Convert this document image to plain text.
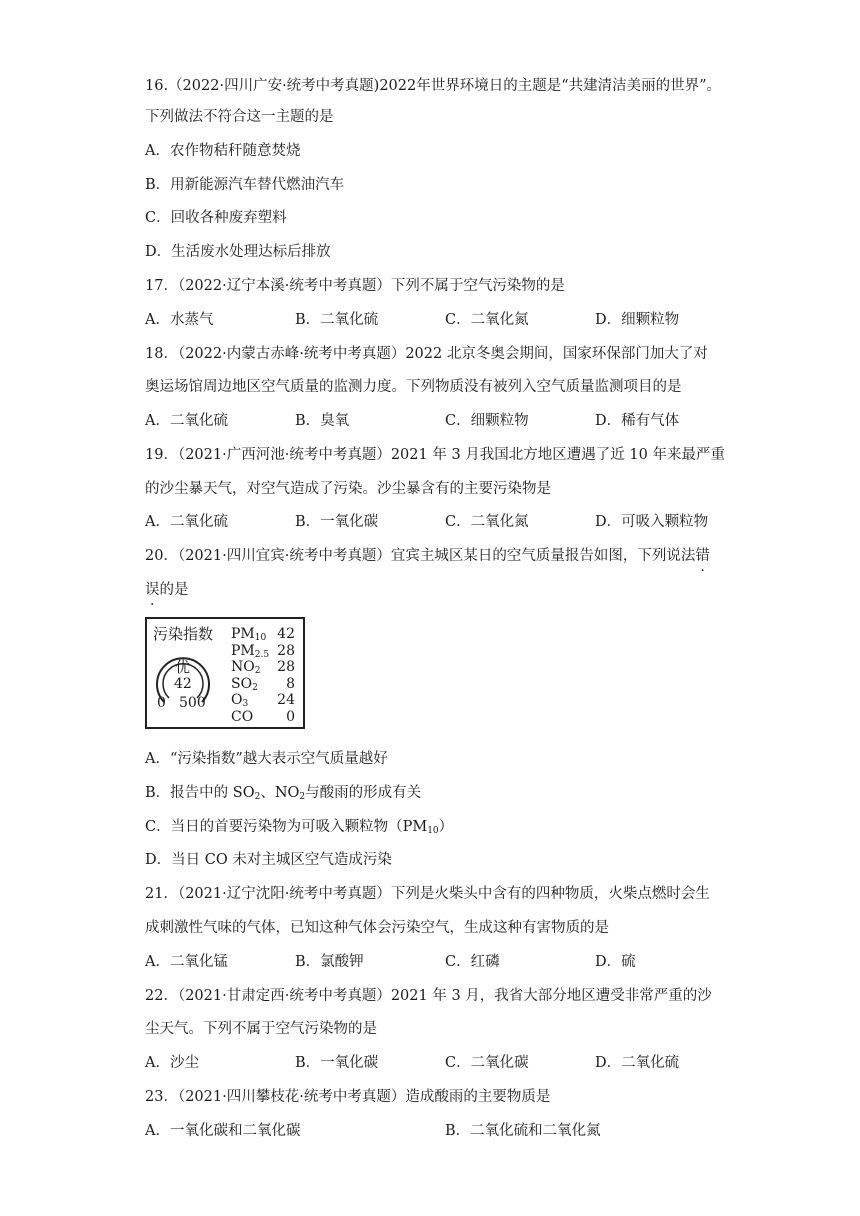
16.（2022·四川广安·统考中考真题)2022年世界环境日的主题是“共建清洁美丽的世界”。
下列做法不符合这一主题的是
A．农作物秸秆随意焚烧
B．用新能源汽车替代燃油汽车
C．回收各种废弃塑料
D．生活废水处理达标后排放
17．（2022·辽宁本溪·统考中考真题）下列不属于空气污染物的是
A．水蒸气	B．二氧化硫	C．二氧化氮	D．细颗粒物
18．（2022·内蒙古赤峰·统考中考真题）2022 北京冬奥会期间，国家环保部门加大了对
奥运场馆周边地区空气质量的监测力度。下列物质没有被列入空气质量监测项目的是
A．二氧化硫	B．臭氧	C．细颗粒物	D．稀有气体
19．（2021·广西河池·统考中考真题）2021 年 3 月我国北方地区遭遇了近 10 年来最严重
的沙尘暴天气，对空气造成了污染。沙尘暴含有的主要污染物是
A．二氧化硫	B．一氧化碳	C．二氧化氮	D．可吸入颗粒物
20．（2021·四川宜宾·统考中考真题）宜宾主城区某日的空气质量报告如图，下列说法错
误的是
污染指数
优
42
0 500
$PM_{10}$ 42
$PM_{2.5}$ 28
$NO_2$ 28
$SO_2$ 8
$O_3$ 24
CO 0
A．“污染指数”越大表示空气质量越好
B．报告中的 $SO_2$、$NO_2$与酸雨的形成有关
C．当日的首要污染物为可吸入颗粒物$(PM_{10})$
D．当日 CO 未对主城区空气造成污染
21．（2021·辽宁沈阳·统考中考真题）下列是火柴头中含有的四种物质，火柴点燃时会生
成刺激性气味的气体，已知这种气体会污染空气，生成这种有害物质的是
A．二氧化锰	B．氯酸钾	C．红磷	D．硫
22．（2021·甘肃定西·统考中考真题）2021 年 3 月，我省大部分地区遭受非常严重的沙
尘天气。下列不属于空气污染物的是
A．沙尘	B．一氧化碳	C．二氧化碳	D．二氧化硫
23．（2021·四川攀枝花·统考中考真题）造成酸雨的主要物质是
A．一氧化碳和二氧化碳	B．二氧化硫和二氧化氮
